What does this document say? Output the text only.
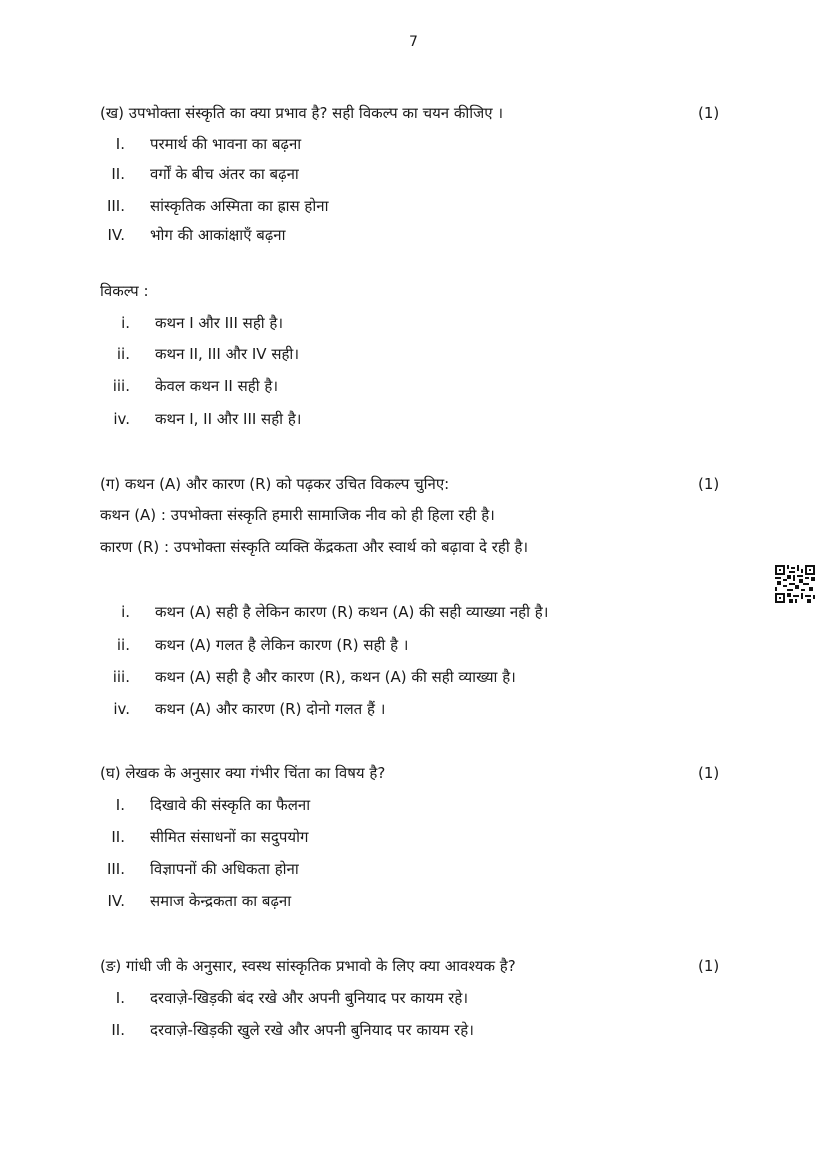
7
(ख) उपभोक्ता संस्कृति का क्या प्रभाव है? सही विकल्प का चयन कीजिए ।	(1)
I. परमार्थ की भावना का बढ़ना
II. वर्गों के बीच अंतर का बढ़ना
III. सांस्कृतिक अस्मिता का ह्रास होना
IV. भोग की आकांक्षाएँ बढ़ना
विकल्प :
i. कथन I और III सही है।
ii. कथन II, III और IV सही।
iii. केवल कथन II सही है।
iv. कथन I, II और III सही है।
(ग) कथन (A) और कारण (R) को पढ़कर उचित विकल्प चुनिए:	(1)
कथन (A) : उपभोक्ता संस्कृति हमारी सामाजिक नीव को ही हिला रही है।
कारण (R) : उपभोक्ता संस्कृति व्यक्ति केंद्रकता और स्वार्थ को बढ़ावा दे रही है।
i. कथन (A) सही है लेकिन कारण (R) कथन (A) की सही व्याख्या नही है।
ii. कथन (A) गलत है लेकिन कारण (R) सही है ।
iii. कथन (A) सही है और कारण (R), कथन (A) की सही व्याख्या है।
iv. कथन (A) और कारण (R) दोनो गलत हैं ।
(घ) लेखक के अनुसार क्या गंभीर चिंता का विषय है?	(1)
I. दिखावे की संस्कृति का फैलना
II. सीमित संसाधनों का सदुपयोग
III. विज्ञापनों की अधिकता होना
IV. समाज केन्द्रकता का बढ़ना
(ङ) गांधी जी के अनुसार, स्वस्थ सांस्कृतिक प्रभावो के लिए क्या आवश्यक है?	(1)
I. दरवाज़े-खिड़की बंद रखे और अपनी बुनियाद पर कायम रहे।
II. दरवाज़े-खिड़की खुले रखे और अपनी बुनियाद पर कायम रहे।
